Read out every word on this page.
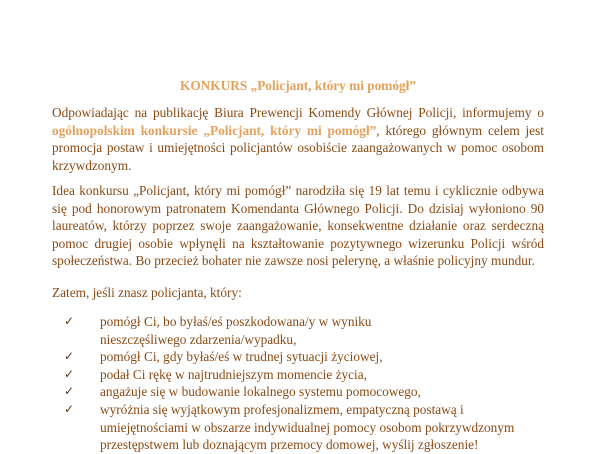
KONKURS „Policjant, który mi pomógł”
Odpowiadając na publikację Biura Prewencji Komendy Głównej Policji, informujemy o ogólnopolskim konkursie „Policjant, który mi pomógł”, którego głównym celem jest promocja postaw i umiejętności policjantów osobiście zaangażowanych w pomoc osobom krzywdzonym.
Idea konkursu „Policjant, który mi pomógł” narodziła się 19 lat temu i cyklicznie odbywa się pod honorowym patronatem Komendanta Głównego Policji. Do dzisiaj wyłoniono 90 laureatów, którzy poprzez swoje zaangażowanie, konsekwentne działanie oraz serdeczną pomoc drugiej osobie wpłynęli na kształtowanie pozytywnego wizerunku Policji wśród społeczeństwa. Bo przecież bohater nie zawsze nosi pelerynę, a właśnie policyjny mundur.
Zatem, jeśli znasz policjanta, który:
✓ pomógł Ci, bo byłaś/eś poszkodowana/y w wyniku nieszczęśliwego zdarzenia/wypadku,
✓ pomógł Ci, gdy byłaś/eś w trudnej sytuacji życiowej,
✓ podał Ci rękę w najtrudniejszym momencie życia,
✓ angażuje się w budowanie lokalnego systemu pomocowego,
✓ wyróżnia się wyjątkowym profesjonalizmem, empatyczną postawą i umiejętnościami w obszarze indywidualnej pomocy osobom pokrzywdzonym przestępstwem lub doznającym przemocy domowej, wyślij zgłoszenie!
